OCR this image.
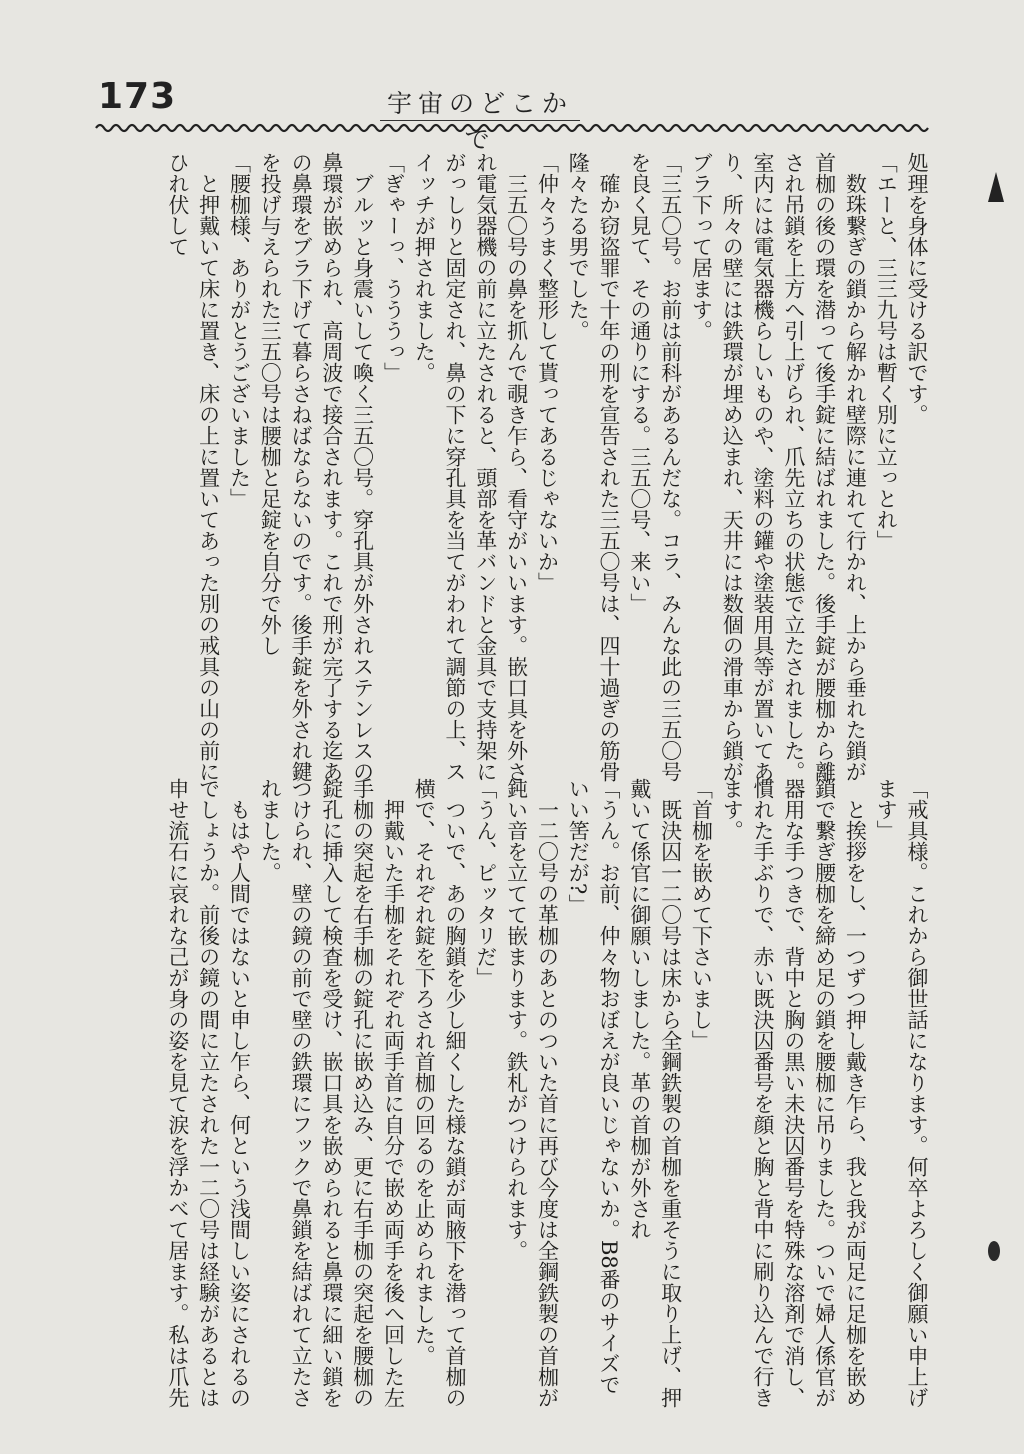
173	宇宙のどこかで

処理を身体に受ける訳です。

「エーと、三三九号は暫く別に立っとれ」

　数珠繋ぎの鎖から解かれ壁際に連れて行かれ、上から垂れた鎖が

首枷の後の環を潜って後手錠に結ばれました。後手錠が腰枷から離

され吊鎖を上方へ引上げられ、爪先立ちの状態で立たされました。

室内には電気器機らしいものや、塗料の鑵や塗装用具等が置いてあ

り、所々の壁には鉄環が埋め込まれ、天井には数個の滑車から鎖が

ブラ下って居ます。

「三五〇号。お前は前科があるんだな。コラ、みんな此の三五〇号

を良く見て、その通りにする。三五〇号、来い」

　確か窃盗罪で十年の刑を宣告された三五〇号は、四十過ぎの筋骨

隆々たる男でした。

「仲々うまく整形して貰ってあるじゃないか」

　三五〇号の鼻を抓んで覗き乍ら、看守がいいます。嵌口具を外さ

れ電気器機の前に立たされると、頭部を革バンドと金具で支持架に

がっしりと固定され、鼻の下に穿孔具を当てがわれて調節の上、ス

イッチが押されました。

「ぎゃーっ、うううっ」

　ブルッと身震いして喚く三五〇号。穿孔具が外されステンレスの

鼻環が嵌められ、高周波で接合されます。これで刑が完了する迄あ

の鼻環をブラ下げて暮らさねばならないのです。後手錠を外され鍵

を投げ与えられた三五〇号は腰枷と足錠を自分で外し

「腰枷様、ありがとうございました」

　と押戴いて床に置き、床の上に置いてあった別の戒具の山の前に

ひれ伏して

「戒具様。これから御世話になります。何卒よろしく御願い申上げ

ます」

　と挨拶をし、一つずつ押し戴き乍ら、我と我が両足に足枷を嵌め

鎖で繋ぎ腰枷を締め足の鎖を腰枷に吊りました。ついで婦人係官が

器用な手つきで、背中と胸の黒い未決囚番号を特殊な溶剤で消し、

慣れた手ぶりで、赤い既決囚番号を顔と胸と背中に刷り込んで行き

ます。

「首枷を嵌めて下さいまし」

　既決囚一二〇号は床から全鋼鉄製の首枷を重そうに取り上げ、押

戴いて係官に御願いしました。革の首枷が外され

「うん。お前、仲々物おぼえが良いじゃないか。B8番のサイズで

いい筈だが?」

　一二〇号の革枷のあとのついた首に再び今度は全鋼鉄製の首枷が

鈍い音を立てて嵌まります。鉄札がつけられます。

「うん、ピッタリだ」

　ついで、あの胸鎖を少し細くした様な鎖が両腋下を潜って首枷の

横で、それぞれ錠を下ろされ首枷の回るのを止められました。

　押戴いた手枷をそれぞれ両手首に自分で嵌め両手を後へ回した左

手枷の突起を右手枷の錠孔に嵌め込み、更に右手枷の突起を腰枷の

錠孔に挿入して検査を受け、嵌口具を嵌められると鼻環に細い鎖を

つけられ、壁の鏡の前で壁の鉄環にフックで鼻鎖を結ばれて立たさ

れました。

　もはや人間ではないと申し乍ら、何という浅間しい姿にされるの

でしょうか。前後の鏡の間に立たされた一二〇号は経験があるとは

申せ流石に哀れな己が身の姿を見て涙を浮かべて居ます。私は爪先
